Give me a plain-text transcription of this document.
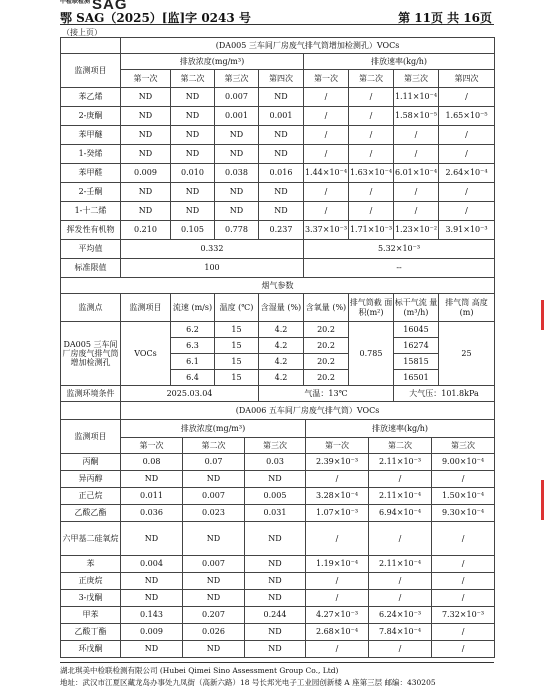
$^{中检联检测}$ SAG
鄂 SAG（2025）[监]字 0243 号	第 11页 共 16页
（接上页）
	(DA005 三车间厂房废气排气筒增加检测孔）VOCs							
监测项目	排放浓度(mg/m³)				排放速率(kg/h)			
	第一次	第二次	第三次	第四次	第一次	第二次	第三次	第四次
苯乙烯	ND	ND	0.007	ND	/	/	1.11×10⁻⁴	/
2-庚酮	ND	ND	0.001	0.001	/	/	1.58×10⁻⁵	1.65×10⁻⁵
苯甲醚	ND	ND	ND	ND	/	/	/	/
1-癸烯	ND	ND	ND	ND	/	/	/	/
苯甲醛	0.009	0.010	0.038	0.016	1.44×10⁻⁴	1.63×10⁻⁴	6.01×10⁻⁴	2.64×10⁻⁴
2-壬酮	ND	ND	ND	ND	/	/	/	/
1-十二烯	ND	ND	ND	ND	/	/	/	/
挥发性有机物	0.210	0.105	0.778	0.237	3.37×10⁻³	1.71×10⁻³	1.23×10⁻²	3.91×10⁻³
平均值	0.332				5.32×10⁻³			
标准限值	100				--			
烟气参数								
监测点	监测项目	流速 (m/s)	温度 (℃)	含湿量 (%)	含氧量 (%)	排气筒截 面积(m²)	标干气流 量(m³/h)	排气筒 高度(m)
DA005 三车间厂房废气排气筒增加检测孔	VOCs	6.2	15	4.2	20.2	0.785	16045	25
		6.3	15	4.2	20.2		16274	
		6.1	15	4.2	20.2		15815	
		6.4	15	4.2	20.2		16501	
监测环境条件	2025.03.04			气温：13℃			大气压：101.8kPa	
	(DA006 五车间厂房废气排气筒）VOCs					
监测项目	排放浓度(mg/m³)			排放速率(kg/h)		
	第一次	第二次	第三次	第一次	第二次	第三次
丙酮	0.08	0.07	0.03	2.39×10⁻³	2.11×10⁻³	9.00×10⁻⁴
异丙醇	ND	ND	ND	/	/	/
正己烷	0.011	0.007	0.005	3.28×10⁻⁴	2.11×10⁻⁴	1.50×10⁻⁴
乙酸乙酯	0.036	0.023	0.031	1.07×10⁻³	6.94×10⁻⁴	9.30×10⁻⁴
六甲基二硅氧烷	ND	ND	ND	/	/	/
苯	0.004	0.007	ND	1.19×10⁻⁴	2.11×10⁻⁴	/
正庚烷	ND	ND	ND	/	/	/
3-戊酮	ND	ND	ND	/	/	/
甲苯	0.143	0.207	0.244	4.27×10⁻³	6.24×10⁻³	7.32×10⁻³
乙酸丁酯	0.009	0.026	ND	2.68×10⁻⁴	7.84×10⁻⁴	/
环戊酮	ND	ND	ND	/	/	/
湖北琪美中检联检测有限公司 (Hubei Qimei Sino Assessment Group Co., Ltd)
地址：武汉市江夏区藏龙岛办事处九凤街（高新六路）18 号长邦光电子工业园创新楼 A 座第三层 邮编：430205
